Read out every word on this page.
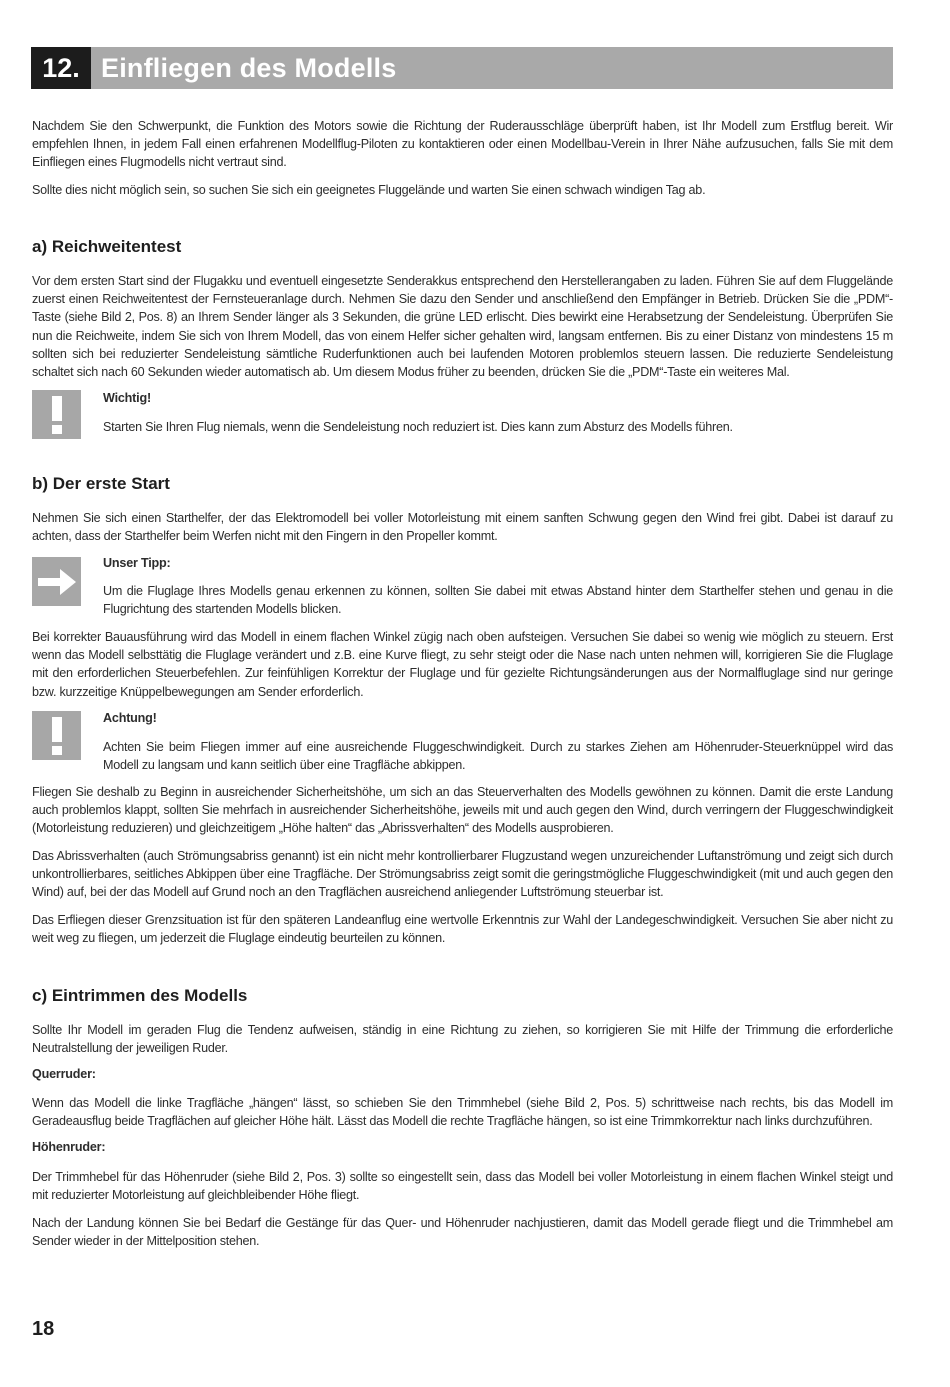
12. Einfliegen des Modells

Nachdem Sie den Schwerpunkt, die Funktion des Motors sowie die Richtung der Ruderausschläge überprüft haben, ist Ihr Modell zum Erstflug bereit. Wir empfehlen Ihnen, in jedem Fall einen erfahrenen Modellflug-Piloten zu kontaktieren oder einen Modellbau-Verein in Ihrer Nähe aufzusuchen, falls Sie mit dem Einfliegen eines Flugmodells nicht vertraut sind.

Sollte dies nicht möglich sein, so suchen Sie sich ein geeignetes Fluggelände und warten Sie einen schwach windigen Tag ab.

a) Reichweitentest

Vor dem ersten Start sind der Flugakku und eventuell eingesetzte Senderakkus entsprechend den Herstellerangaben zu laden. Führen Sie auf dem Fluggelände zuerst einen Reichweitentest der Fernsteueranlage durch. Nehmen Sie dazu den Sender und anschließend den Empfänger in Betrieb. Drücken Sie die „PDM“-Taste (siehe Bild 2, Pos. 8) an Ihrem Sender länger als 3 Sekunden, die grüne LED erlischt. Dies bewirkt eine Herabsetzung der Sendeleistung. Überprüfen Sie nun die Reichweite, indem Sie sich von Ihrem Modell, das von einem Helfer sicher gehalten wird, langsam entfernen. Bis zu einer Distanz von mindestens 15 m sollten sich bei reduzierter Sendeleistung sämtliche Ruderfunktionen auch bei laufenden Motoren problemlos steuern lassen. Die reduzierte Sendeleistung schaltet sich nach 60 Sekunden wieder automatisch ab. Um diesem Modus früher zu beenden, drücken Sie die „PDM“-Taste ein weiteres Mal.

Wichtig!

Starten Sie Ihren Flug niemals, wenn die Sendeleistung noch reduziert ist. Dies kann zum Absturz des Modells führen.

b) Der erste Start

Nehmen Sie sich einen Starthelfer, der das Elektromodell bei voller Motorleistung mit einem sanften Schwung gegen den Wind frei gibt. Dabei ist darauf zu achten, dass der Starthelfer beim Werfen nicht mit den Fingern in den Propeller kommt.

Unser Tipp:

Um die Fluglage Ihres Modells genau erkennen zu können, sollten Sie dabei mit etwas Abstand hinter dem Starthelfer stehen und genau in die Flugrichtung des startenden Modells blicken.

Bei korrekter Bauausführung wird das Modell in einem flachen Winkel zügig nach oben aufsteigen. Versuchen Sie dabei so wenig wie möglich zu steuern. Erst wenn das Modell selbsttätig die Fluglage verändert und z.B. eine Kurve fliegt, zu sehr steigt oder die Nase nach unten nehmen will, korrigieren Sie die Fluglage mit den erforderlichen Steuerbefehlen. Zur feinfühligen Korrektur der Fluglage und für gezielte Richtungsänderungen aus der Normalfluglage sind nur geringe bzw. kurzzeitige Knüppelbewegungen am Sender erforderlich.

Achtung!

Achten Sie beim Fliegen immer auf eine ausreichende Fluggeschwindigkeit. Durch zu starkes Ziehen am Höhenruder-Steuerknüppel wird das Modell zu langsam und kann seitlich über eine Tragfläche abkippen.

Fliegen Sie deshalb zu Beginn in ausreichender Sicherheitshöhe, um sich an das Steuerverhalten des Modells gewöhnen zu können. Damit die erste Landung auch problemlos klappt, sollten Sie mehrfach in ausreichender Sicherheitshöhe, jeweils mit und auch gegen den Wind, durch verringern der Fluggeschwindigkeit (Motorleistung reduzieren) und gleichzeitigem „Höhe halten“ das „Abrissverhalten“ des Modells ausprobieren.

Das Abrissverhalten (auch Strömungsabriss genannt) ist ein nicht mehr kontrollierbarer Flugzustand wegen unzureichender Luftanströmung und zeigt sich durch unkontrollierbares, seitliches Abkippen über eine Tragfläche. Der Strömungsabriss zeigt somit die geringstmögliche Fluggeschwindigkeit (mit und auch gegen den Wind) auf, bei der das Modell auf Grund noch an den Tragflächen ausreichend anliegender Luftströmung steuerbar ist.

Das Erfliegen dieser Grenzsituation ist für den späteren Landeanflug eine wertvolle Erkenntnis zur Wahl der Landegeschwindigkeit. Versuchen Sie aber nicht zu weit weg zu fliegen, um jederzeit die Fluglage eindeutig beurteilen zu können.

c) Eintrimmen des Modells

Sollte Ihr Modell im geraden Flug die Tendenz aufweisen, ständig in eine Richtung zu ziehen, so korrigieren Sie mit Hilfe der Trimmung die erforderliche Neutralstellung der jeweiligen Ruder.

Querruder:

Wenn das Modell die linke Tragfläche „hängen“ lässt, so schieben Sie den Trimmhebel (siehe Bild 2, Pos. 5) schrittweise nach rechts, bis das Modell im Geradeausflug beide Tragflächen auf gleicher Höhe hält. Lässt das Modell die rechte Tragfläche hängen, so ist eine Trimmkorrektur nach links durchzuführen.

Höhenruder:

Der Trimmhebel für das Höhenruder (siehe Bild 2, Pos. 3) sollte so eingestellt sein, dass das Modell bei voller Motorleistung in einem flachen Winkel steigt und mit reduzierter Motorleistung auf gleichbleibender Höhe fliegt.

Nach der Landung können Sie bei Bedarf die Gestänge für das Quer- und Höhenruder nachjustieren, damit das Modell gerade fliegt und die Trimmhebel am Sender wieder in der Mittelposition stehen.

18
